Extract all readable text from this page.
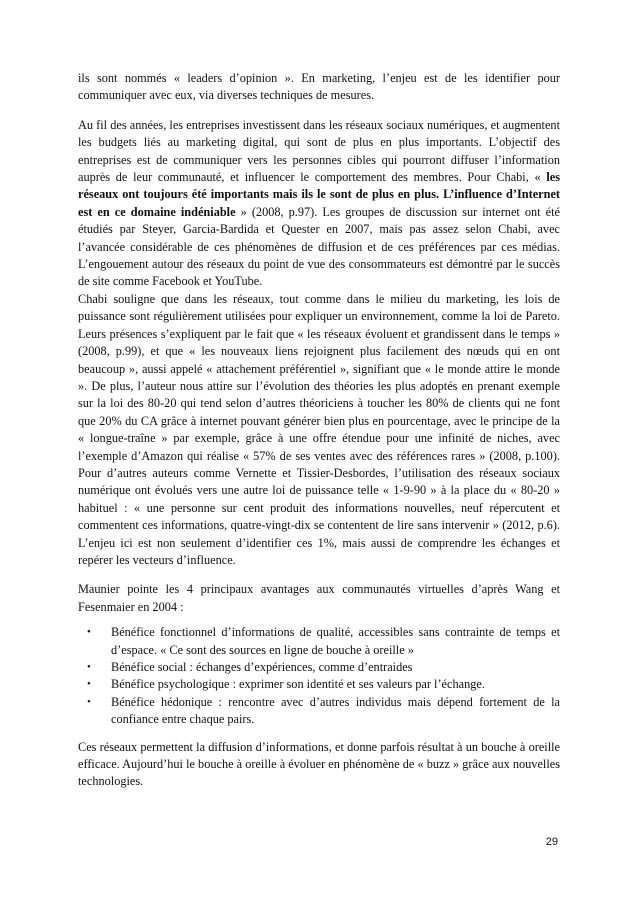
ils sont nommés « leaders d’opinion ». En marketing, l’enjeu est de les identifier pour communiquer avec eux, via diverses techniques de mesures.

Au fil des années, les entreprises investissent dans les réseaux sociaux numériques, et augmentent les budgets liés au marketing digital, qui sont de plus en plus importants. L’objectif des entreprises est de communiquer vers les personnes cibles qui pourront diffuser l’information auprès de leur communauté, et influencer le comportement des membres. Pour Chabi, « les réseaux ont toujours été importants mais ils le sont de plus en plus. L’influence d’Internet est en ce domaine indéniable » (2008, p.97). Les groupes de discussion sur internet ont été étudiés par Steyer, Garcia-Bardida et Quester en 2007, mais pas assez selon Chabi, avec l’avancée considérable de ces phénomènes de diffusion et de ces préférences par ces médias. L’engouement autour des réseaux du point de vue des consommateurs est démontré par le succès de site comme Facebook et YouTube.

Chabi souligne que dans les réseaux, tout comme dans le milieu du marketing, les lois de puissance sont régulièrement utilisées pour expliquer un environnement, comme la loi de Pareto. Leurs présences s’expliquent par le fait que « les réseaux évoluent et grandissent dans le temps » (2008, p.99), et que « les nouveaux liens rejoignent plus facilement des nœuds qui en ont beaucoup », aussi appelé « attachement préférentiel », signifiant que « le monde attire le monde ». De plus, l’auteur nous attire sur l’évolution des théories les plus adoptés en prenant exemple sur la loi des 80-20 qui tend selon d’autres théoriciens à toucher les 80% de clients qui ne font que 20% du CA grâce à internet pouvant générer bien plus en pourcentage, avec le principe de la « longue-traîne » par exemple, grâce à une offre étendue pour une infinité de niches, avec l’exemple d’Amazon qui réalise « 57% de ses ventes avec des références rares » (2008, p.100). Pour d’autres auteurs comme Vernette et Tissier-Desbordes, l’utilisation des réseaux sociaux numérique ont évolués vers une autre loi de puissance telle « 1-9-90 » à la place du « 80-20 » habituel : « une personne sur cent produit des informations nouvelles, neuf répercutent et commentent ces informations, quatre-vingt-dix se contentent de lire sans intervenir » (2012, p.6). L’enjeu ici est non seulement d’identifier ces 1%, mais aussi de comprendre les échanges et repérer les vecteurs d’influence.

Maunier pointe les 4 principaux avantages aux communautés virtuelles d’après Wang et Fesenmaier en 2004 :

• Bénéfice fonctionnel d’informations de qualité, accessibles sans contrainte de temps et d’espace. « Ce sont des sources en ligne de bouche à oreille »
• Bénéfice social : échanges d’expériences, comme d’entraides
• Bénéfice psychologique : exprimer son identité et ses valeurs par l’échange.
• Bénéfice hédonique : rencontre avec d’autres individus mais dépend fortement de la confiance entre chaque pairs.

Ces réseaux permettent la diffusion d’informations, et donne parfois résultat à un bouche à oreille efficace. Aujourd’hui le bouche à oreille à évoluer en phénomène de « buzz » grâce aux nouvelles technologies.

29
